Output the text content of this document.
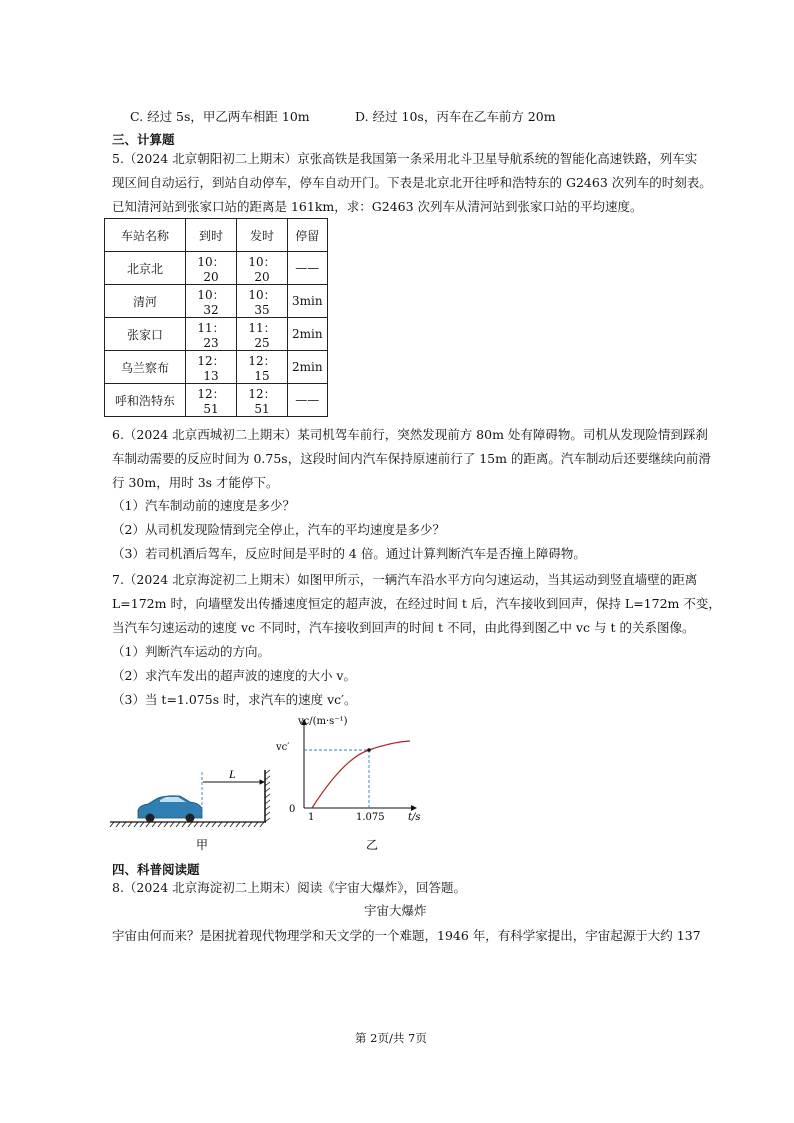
C. 经过 5s，甲乙两车相距 10m	D. 经过 10s，丙车在乙车前方 20m
三、计算题
5.（2024 北京朝阳初二上期末）京张高铁是我国第一条采用北斗卫星导航系统的智能化高速铁路，列车实
现区间自动运行，到站自动停车，停车自动开门。下表是北京北开往呼和浩特东的 G2463 次列车的时刻表。
已知清河站到张家口站的距离是 161km，求：G2463 次列车从清河站到张家口站的平均速度。
车站名称	到时	发时	停留
北京北	10：20	10：20	——
清河	10：32	10：35	3min
张家口	11：23	11：25	2min
乌兰察布	12：13	12：15	2min
呼和浩特东	12：51	12：51	——
6.（2024 北京西城初二上期末）某司机驾车前行，突然发现前方 80m 处有障碍物。司机从发现险情到踩刹
车制动需要的反应时间为 0.75s，这段时间内汽车保持原速前行了 15m 的距离。汽车制动后还要继续向前滑
行 30m，用时 3s 才能停下。
（1）汽车制动前的速度是多少？
（2）从司机发现险情到完全停止，汽车的平均速度是多少？
（3）若司机酒后驾车，反应时间是平时的 4 倍。通过计算判断汽车是否撞上障碍物。
7.（2024 北京海淀初二上期末）如图甲所示，一辆汽车沿水平方向匀速运动，当其运动到竖直墙壁的距离
L=172m 时，向墙壁发出传播速度恒定的超声波，在经过时间 t 后，汽车接收到回声，保持 L=172m 不变，
当汽车匀速运动的速度 vc 不同时，汽车接收到回声的时间 t 不同，由此得到图乙中 vc 与 t 的关系图像。
（1）判断汽车运动的方向。
（2）求汽车发出的超声波的速度的大小 v。
（3）当 t=1.075s 时，求汽车的速度 vc′。
L
甲
vc/(m·s⁻¹)
vc′
0
1	1.075 t/s
乙
四、科普阅读题
8.（2024 北京海淀初二上期末）阅读《宇宙大爆炸》，回答题。
宇宙大爆炸
宇宙由何而来？是困扰着现代物理学和天文学的一个难题，1946 年，有科学家提出，宇宙起源于大约 137
第 2页/共 7页
